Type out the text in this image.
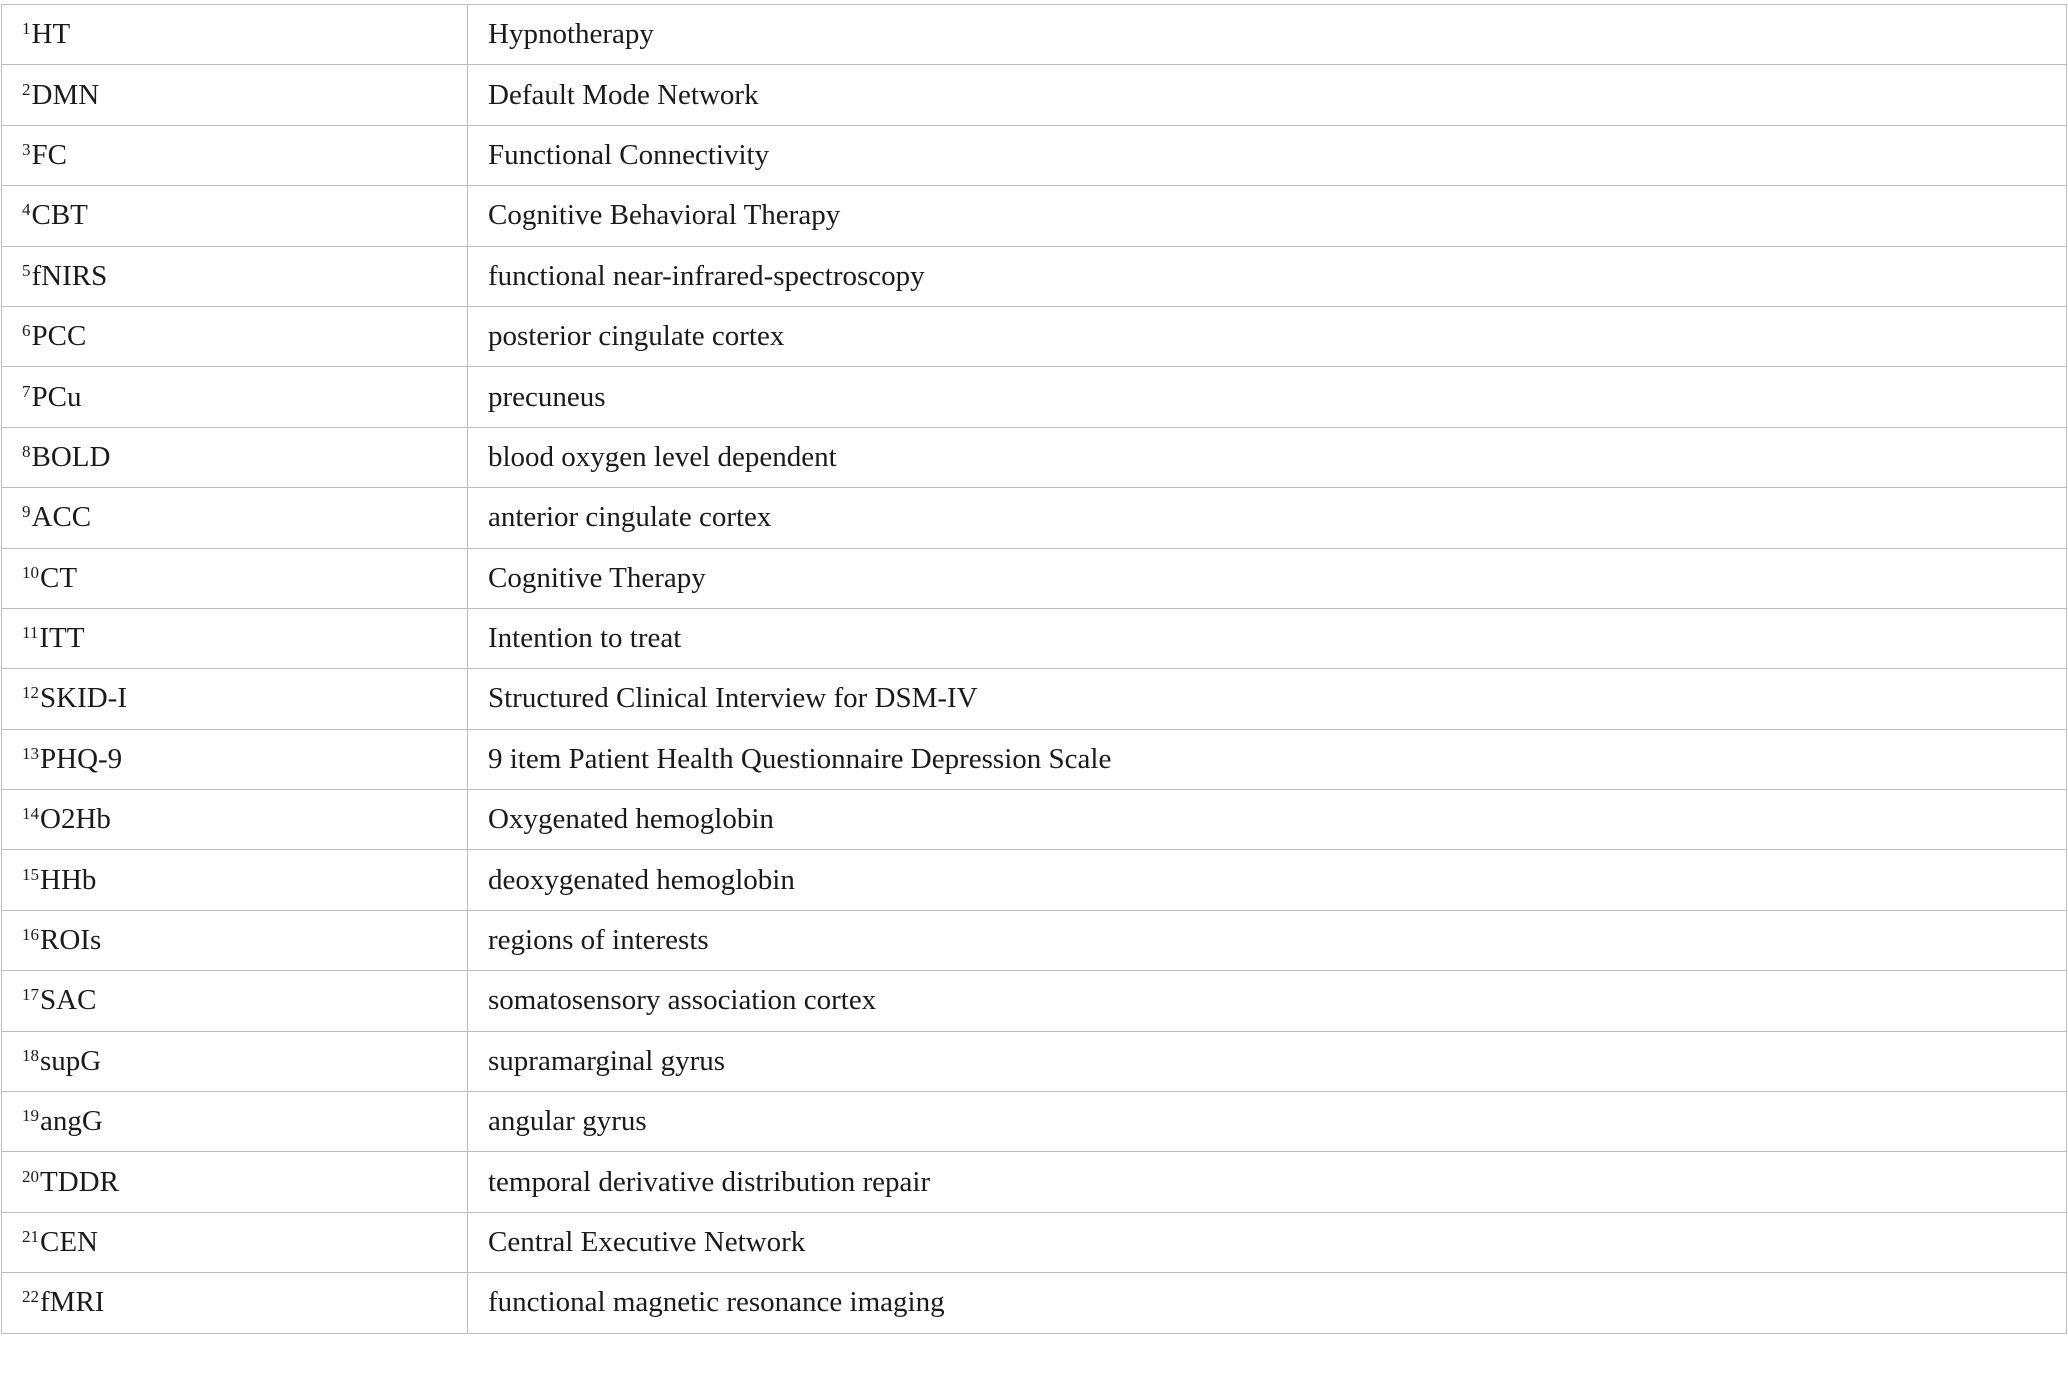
$^1$HT	Hypnotherapy
$^2$DMN	Default Mode Network
$^3$FC	Functional Connectivity
$^4$CBT	Cognitive Behavioral Therapy
$^5$fNIRS	functional near-infrared-spectroscopy
$^6$PCC	posterior cingulate cortex
$^7$PCu	precuneus
$^8$BOLD	blood oxygen level dependent
$^9$ACC	anterior cingulate cortex
$^{10}$CT	Cognitive Therapy
$^{11}$ITT	Intention to treat
$^{12}$SKID-I	Structured Clinical Interview for DSM-IV
$^{13}$PHQ-9	9 item Patient Health Questionnaire Depression Scale
$^{14}$O2Hb	Oxygenated hemoglobin
$^{15}$HHb	deoxygenated hemoglobin
$^{16}$ROIs	regions of interests
$^{17}$SAC	somatosensory association cortex
$^{18}$supG	supramarginal gyrus
$^{19}$angG	angular gyrus
$^{20}$TDDR	temporal derivative distribution repair
$^{21}$CEN	Central Executive Network
$^{22}$fMRI	functional magnetic resonance imaging
